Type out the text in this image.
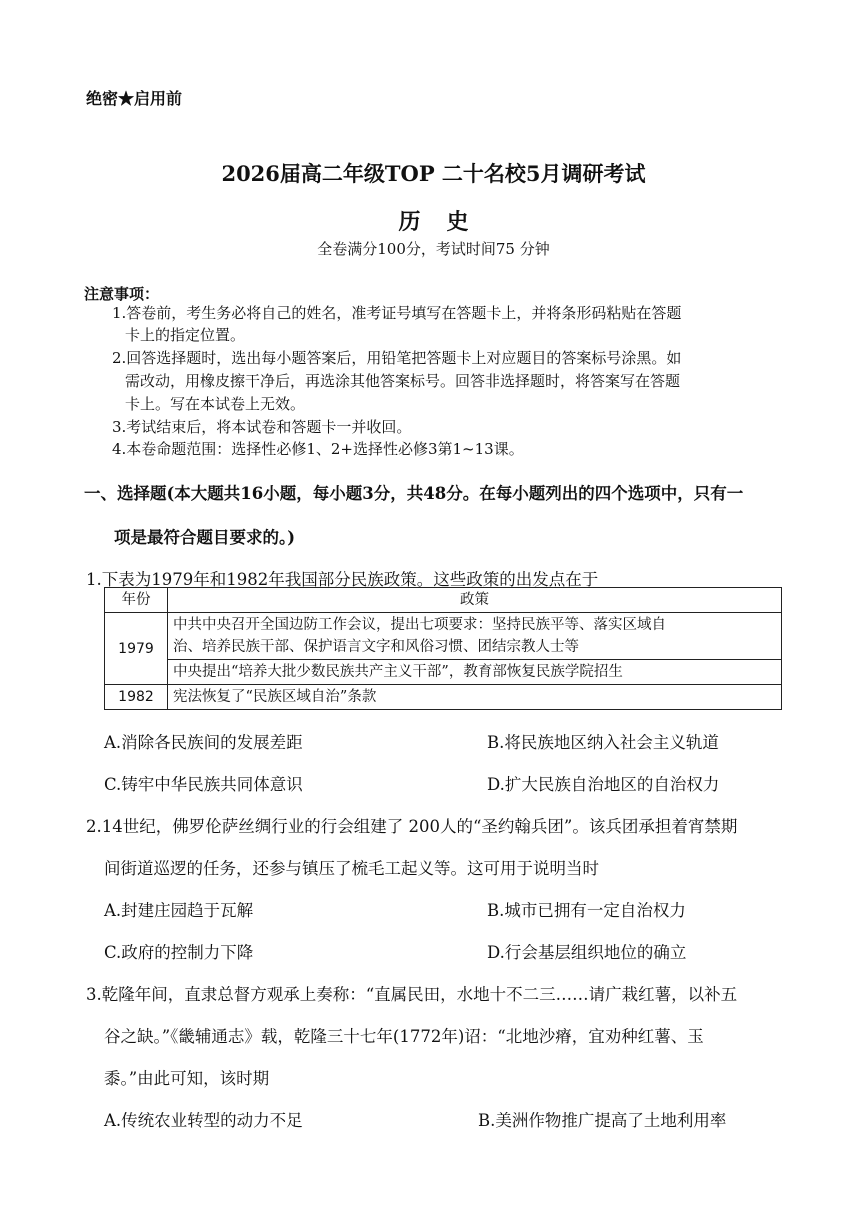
绝密★启用前
2026届高二年级TOP 二十名校5月调研考试
历史
全卷满分100分，考试时间75 分钟
注意事项：
1.答卷前，考生务必将自己的姓名，准考证号填写在答题卡上，并将条形码粘贴在答题
卡上的指定位置。
2.回答选择题时，选出每小题答案后，用铅笔把答题卡上对应题目的答案标号涂黑。如
需改动，用橡皮擦干净后，再选涂其他答案标号。回答非选择题时，将答案写在答题
卡上。写在本试卷上无效。
3.考试结束后，将本试卷和答题卡一并收回。
4.本卷命题范围：选择性必修1、2+选择性必修3第1~13课。
一、选择题(本大题共16小题，每小题3分，共48分。在每小题列出的四个选项中，只有一
项是最符合题目要求的。)
1.下表为1979年和1982年我国部分民族政策。这些政策的出发点在于
年份	政策
1979	中共中央召开全国边防工作会议，提出七项要求：坚持民族平等、落实区域自
治、培养民族干部、保护语言文字和风俗习惯、团结宗教人士等

	中央提出“培养大批少数民族共产主义干部”，教育部恢复民族学院招生
1982	宪法恢复了“民族区域自治”条款
A.消除各民族间的发展差距	B.将民族地区纳入社会主义轨道
C.铸牢中华民族共同体意识	D.扩大民族自治地区的自治权力
2.14世纪，佛罗伦萨丝绸行业的行会组建了 200人的“圣约翰兵团”。该兵团承担着宵禁期
间街道巡逻的任务，还参与镇压了梳毛工起义等。这可用于说明当时
A.封建庄园趋于瓦解	B.城市已拥有一定自治权力
C.政府的控制力下降	D.行会基层组织地位的确立
3.乾隆年间，直隶总督方观承上奏称：“直属民田，水地十不二三……请广栽红薯，以补五
谷之缺。”《畿辅通志》载，乾隆三十七年(1772年)诏：“北地沙瘠，宜劝种红薯、玉
黍。”由此可知，该时期
A.传统农业转型的动力不足	B.美洲作物推广提高了土地利用率
